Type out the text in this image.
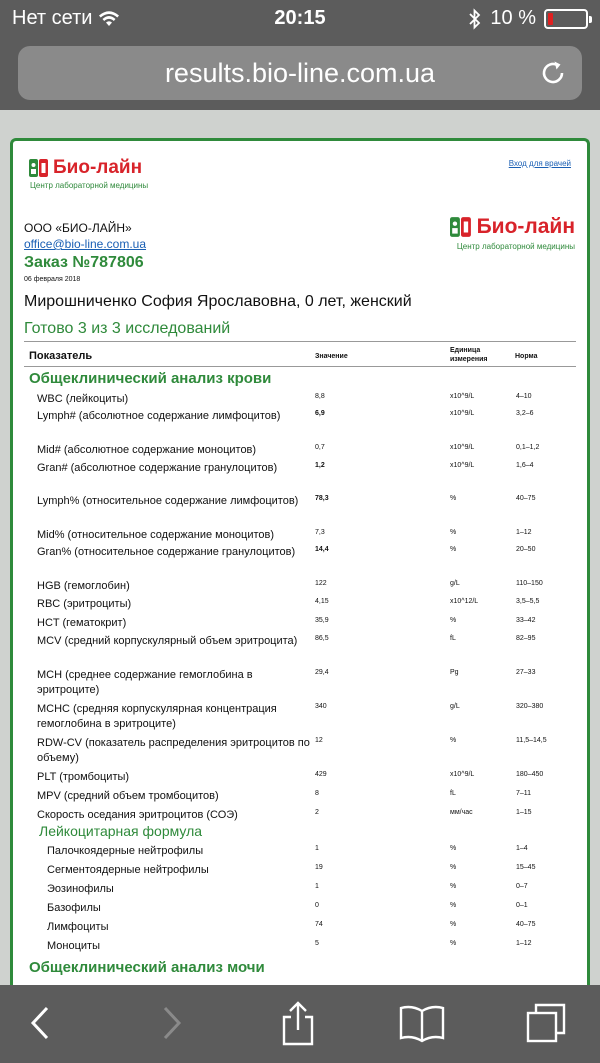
Нет сети	20:15	10 %
results.bio-line.com.ua
Био-лайн
Центр лабораторной медицины
Вход для врачей
ООО «БИО-ЛАЙН»
office@bio-line.com.ua
Био-лайн
Центр лабораторной медицины
Заказ №787806
06 февраля 2018
Мирошниченко София Ярославовна, 0 лет, женский
Готово 3 из 3 исследований
Показатель	Значение
Единица
измерения	Норма
Общеклинический анализ крови
WBC (лейкоциты)	8,8	x10^9/L	4–10
Lymph# (абсолютное содержание лимфоцитов)	6,9	x10^9/L	3,2–6
Mid# (абсолютное содержание моноцитов)	0,7	x10^9/L	0,1–1,2
Gran# (абсолютное содержание гранулоцитов)	1,2	x10^9/L	1,6–4
Lymph% (относительное содержание лимфоцитов)	78,3	%	40–75
Mid% (относительное содержание моноцитов)	7,3	%	1–12
Gran% (относительное содержание гранулоцитов)	14,4	%	20–50
HGB (гемоглобин)	122	g/L	110–150
RBC (эритроциты)	4,15	x10^12/L	3,5–5,5
HCT (гематокрит)	35,9	%	33–42
MCV (средний корпускулярный объем эритроцита)	86,5	fL	82–95
MCH (среднее содержание гемоглобина в эритроците)
29,4	Pg	27–33
MCHC (средняя корпускулярная концентрация гемоглобина в эритроците)
340	g/L	320–380
RDW-CV (показатель распределения эритроцитов по объему)
12	%	11,5–14,5
PLT (тромбоциты)	429	x10^9/L	180–450
MPV (средний объем тромбоцитов)	8	fL	7–11
Скорость оседания эритроцитов (СОЭ)	2	мм/час	1–15
Лейкоцитарная формула
Палочкоядерные нейтрофилы	1	%	1–4
Сегментоядерные нейтрофилы	19	%	15–45
Эозинофилы	1	%	0–7
Базофилы	0	%	0–1
Лимфоциты	74	%	40–75
Моноциты	5	%	1–12
Общеклинический анализ мочи
